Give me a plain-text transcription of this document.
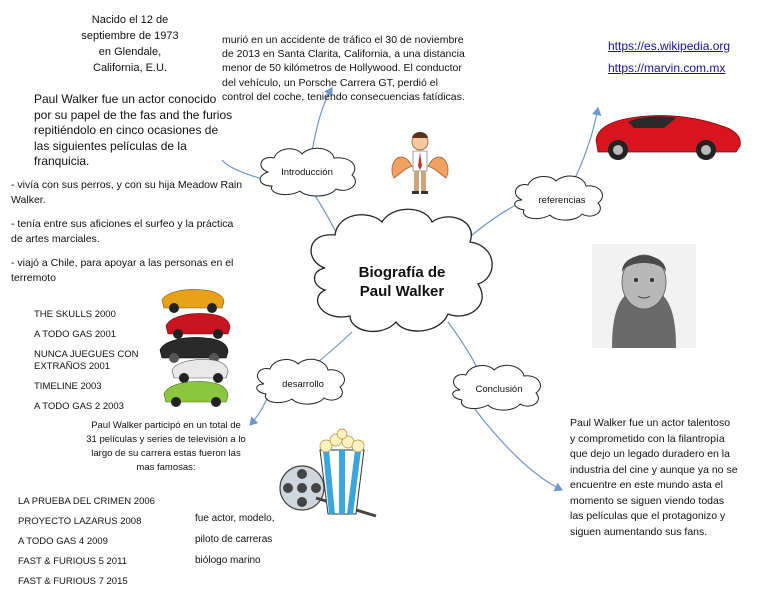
Biografía de
Paul Walker
Introducción
referencias
desarrollo	Conclusión
Nacido el 12 de
septiembre de 1973
en Glendale,
California, E.U.
murió en un accidente de tráfico el 30 de noviembre de 2013 en Santa Clarita, California, a una distancia menor de 50 kilómetros de Hollywood. El conductor del vehículo, un Porsche Carrera GT, perdió el control del coche, teniendo consecuencias fatídicas.
Paul Walker fue un actor conocido por su papel de the fas and the furios repitiéndolo en cinco ocasiones de las siguientes películas de la franquicia.

- vivía con sus perros, y con su hija Meadow Rain Walker.

- tenía entre sus aficiones el surfeo y la práctica de artes marciales.

- viajó a Chile, para apoyar a las personas en el terremoto

THE SKULLS 2000
A TODO GAS 2001
NUNCA JUEGUES CON EXTRAÑOS 2001
TIMELINE 2003
A TODO GAS 2 2003
Paul Walker participó en un total de 31 películas y series de televisión a lo largo de su carrera estas fueron las mas famosas:
LA PRUEBA DEL CRIMEN 2006
PROYECTO LAZARUS 2008
A TODO GAS 4 2009
FAST & FURIOUS 5 2011
FAST & FURIOUS 7 2015
fue actor, modelo,
piloto de carreras
biólogo marino
https://es.wikipedia.org
https://marvin.com.mx
Paul Walker fue un actor talentoso y comprometido con la filantropía que dejo un legado duradero en la industria del cine y aunque ya no se encuentre en este mundo asta el momento se siguen viendo todas las películas que el protagonizo y siguen aumentando sus fans.
